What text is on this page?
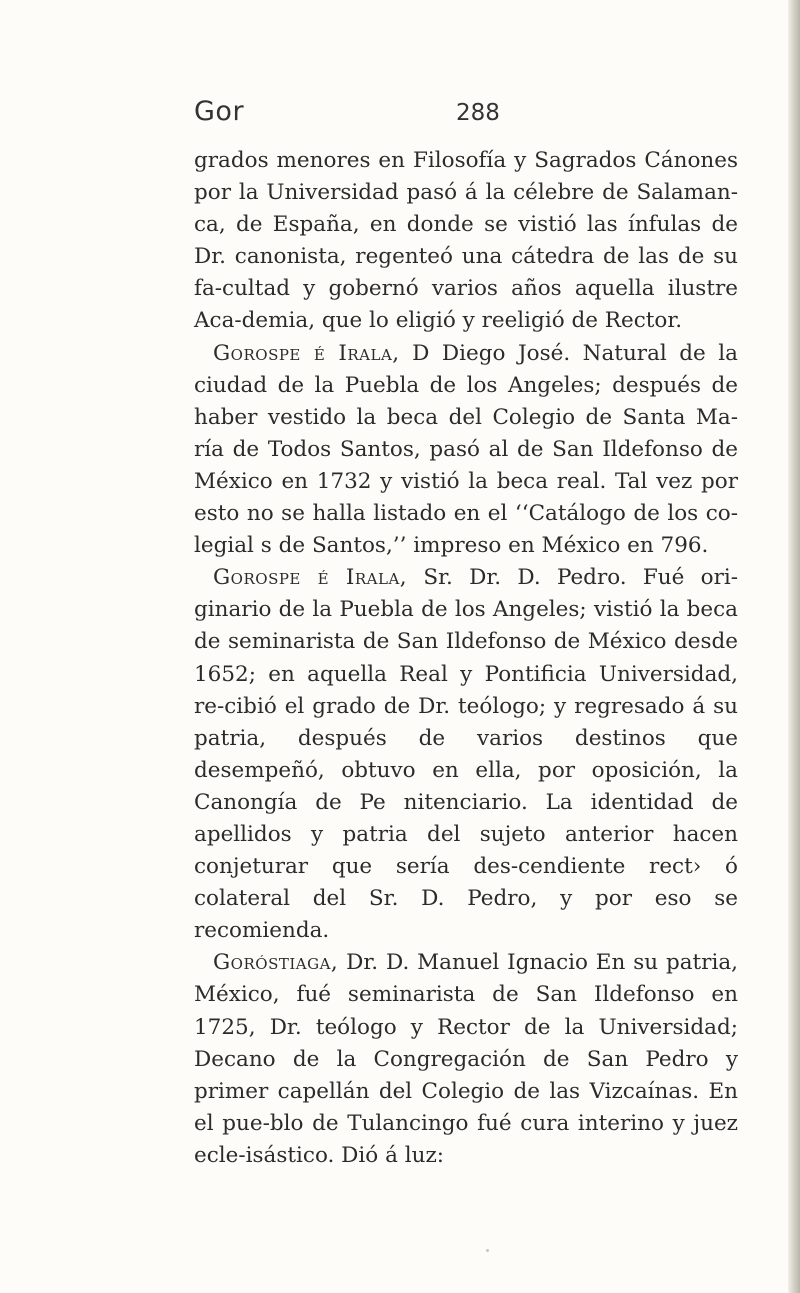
Gor	288

grados menores en Filosofía y Sagrados Cánones por la Universidad pasó á la célebre de Salaman-ca, de España, en donde se vistió las ínfulas de Dr. canonista, regenteó una cátedra de las de su fa-cultad y gobernó varios años aquella ilustre Aca-demia, que lo eligió y reeligió de Rector.

Gorospe é Irala, D Diego José. Natural de la ciudad de la Puebla de los Angeles; después de haber vestido la beca del Colegio de Santa Ma-ría de Todos Santos, pasó al de San Ildefonso de México en 1732 y vistió la beca real. Tal vez por esto no se halla listado en el ‘‘Catálogo de los co-legial s de Santos,’’ impreso en México en 796.

Gorospe é Irala, Sr. Dr. D. Pedro. Fué ori-ginario de la Puebla de los Angeles; vistió la beca de seminarista de San Ildefonso de México desde 1652; en aquella Real y Pontificia Universidad, re-cibió el grado de Dr. teólogo; y regresado á su patria, después de varios destinos que desempeñó, obtuvo en ella, por oposición, la Canongía de Pe nitenciario. La identidad de apellidos y patria del sujeto anterior hacen conjeturar que sería des-cendiente rect› ó colateral del Sr. D. Pedro, y por eso se recomienda.

Goróstiaga, Dr. D. Manuel Ignacio En su patria, México, fué seminarista de San Ildefonso en 1725, Dr. teólogo y Rector de la Universidad; Decano de la Congregación de San Pedro y primer capellán del Colegio de las Vizcaínas. En el pue-blo de Tulancingo fué cura interino y juez ecle-isástico. Dió á luz:
